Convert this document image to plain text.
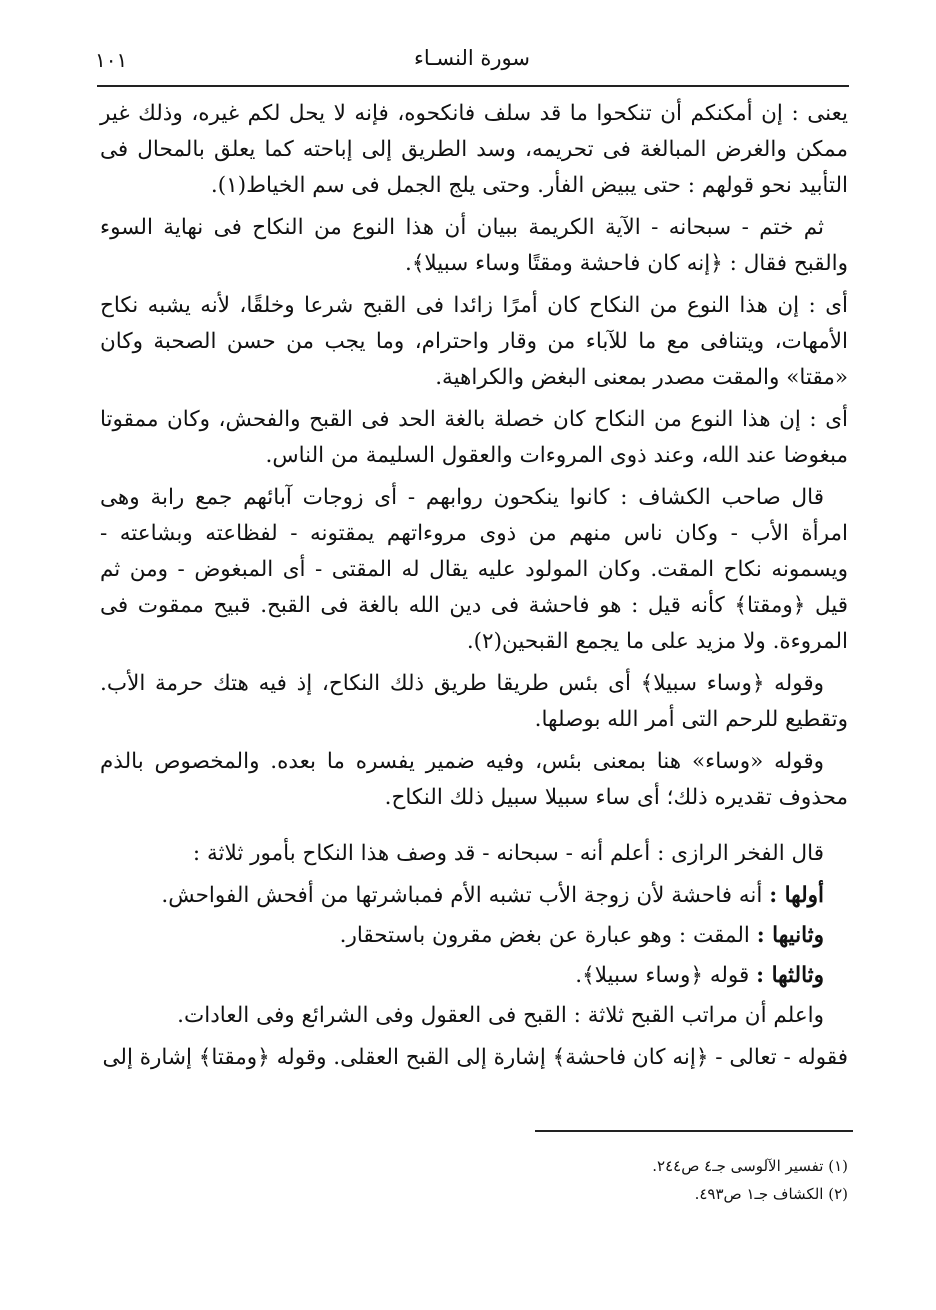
١٠١	سورة النسـاء

يعنى : إن أمكنكم أن تنكحوا ما قد سلف فانكحوه، فإنه لا يحل لكم غيره، وذلك غير ممكن والغرض المبالغة فى تحريمه، وسد الطريق إلى إباحته كما يعلق بالمحال فى التأبيد نحو قولهم : حتى يبيض الفأر. وحتى يلج الجمل فى سم الخياط(١).

ثم ختم - سبحانه - الآية الكريمة ببيان أن هذا النوع من النكاح فى نهاية السوء والقبح فقال : ﴿إنه كان فاحشة ومقتًا وساء سبيلا﴾.

أى : إن هذا النوع من النكاح كان أمرًا زائدا فى القبح شرعا وخلقًا، لأنه يشبه نكاح الأمهات، ويتنافى مع ما للآباء من وقار واحترام، وما يجب من حسن الصحبة وكان «مقتا» والمقت مصدر بمعنى البغض والكراهية.

أى : إن هذا النوع من النكاح كان خصلة بالغة الحد فى القبح والفحش، وكان ممقوتا مبغوضا عند الله، وعند ذوى المروءات والعقول السليمة من الناس.

قال صاحب الكشاف : كانوا ينكحون روابهم - أى زوجات آبائهم جمع رابة وهى امرأة الأب - وكان ناس منهم من ذوى مروءاتهم يمقتونه - لفظاعته وبشاعته - ويسمونه نكاح المقت. وكان المولود عليه يقال له المقتى - أى المبغوض - ومن ثم قيل ﴿ومقتا﴾ كأنه قيل : هو فاحشة فى دين الله بالغة فى القبح. قبيح ممقوت فى المروءة. ولا مزيد على ما يجمع القبحين(٢).

وقوله ﴿وساء سبيلا﴾ أى بئس طريقا طريق ذلك النكاح، إذ فيه هتك حرمة الأب. وتقطيع للرحم التى أمر الله بوصلها.

وقوله «وساء» هنا بمعنى بئس، وفيه ضمير يفسره ما بعده. والمخصوص بالذم محذوف تقديره ذلك؛ أى ساء سبيلا سبيل ذلك النكاح.

قال الفخر الرازى : أعلم أنه - سبحانه - قد وصف هذا النكاح بأمور ثلاثة :

أولها : أنه فاحشة لأن زوجة الأب تشبه الأم فمباشرتها من أفحش الفواحش.

وثانيها : المقت : وهو عبارة عن بغض مقرون باستحقار.

وثالثها : قوله ﴿وساء سبيلا﴾.

واعلم أن مراتب القبح ثلاثة : القبح فى العقول وفى الشرائع وفى العادات.

فقوله - تعالى - ﴿إنه كان فاحشة﴾ إشارة إلى القبح العقلى. وقوله ﴿ومقتا﴾ إشارة إلى

(١) تفسير الآلوسى جـ٤ ص٢٤٤.

(٢) الكشاف جـ١ ص٤٩٣.
